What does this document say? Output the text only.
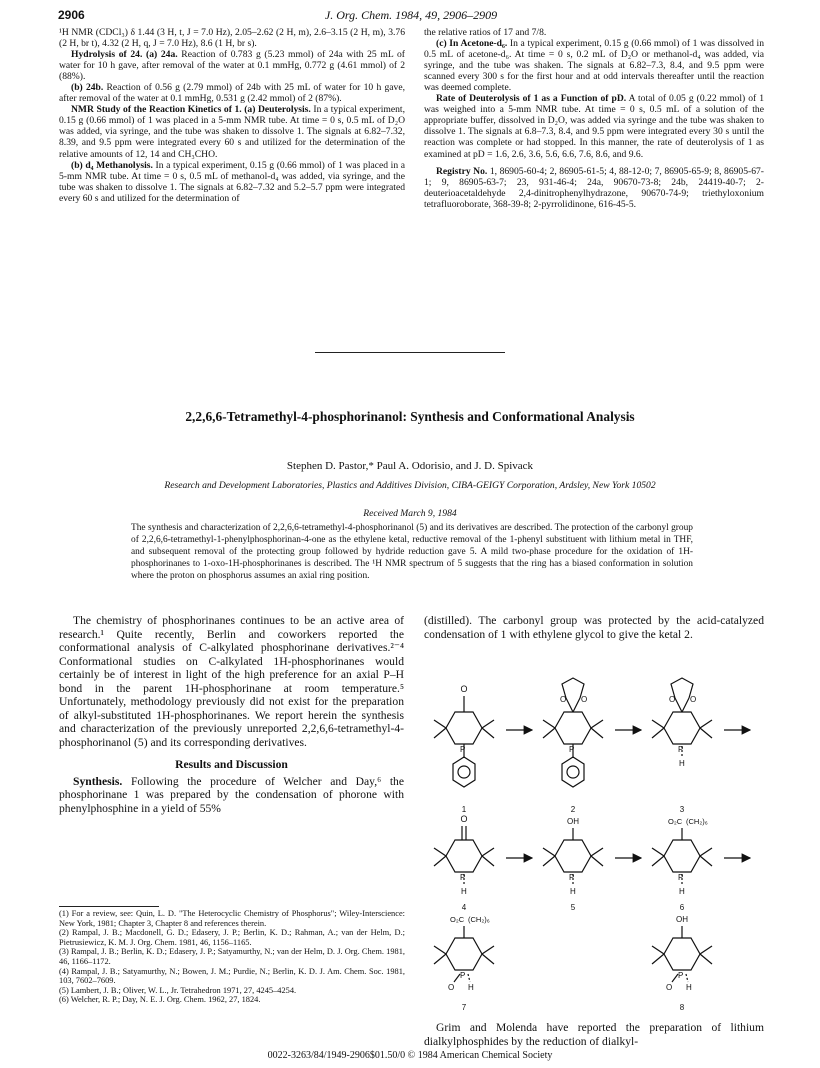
2906	J. Org. Chem. 1984, 49, 2906–2909

¹H NMR (CDCl₃) δ 1.44 (3 H, t, J = 7.0 Hz), 2.05–2.62 (2 H, m), 2.6–3.15 (2 H, m), 3.76 (2 H, br t), 4.32 (2 H, q, J = 7.0 Hz), 8.6 (1 H, br s).

Hydrolysis of 24. (a) 24a. Reaction of 0.783 g (5.23 mmol) of 24a with 25 mL of water for 10 h gave, after removal of the water at 0.1 mmHg, 0.772 g (4.61 mmol) of 2 (88%).

(b) 24b. Reaction of 0.56 g (2.79 mmol) of 24b with 25 mL of water for 10 h gave, after removal of the water at 0.1 mmHg, 0.531 g (2.42 mmol) of 2 (87%).

NMR Study of the Reaction Kinetics of 1. (a) Deuterolysis. In a typical experiment, 0.15 g (0.66 mmol) of 1 was placed in a 5-mm NMR tube. At time = 0 s, 0.5 mL of D₂O was added, via syringe, and the tube was shaken to dissolve 1. The signals at 6.82–7.32, 8.39, and 9.5 ppm were integrated every 60 s and utilized for the determination of the relative amounts of 12, 14 and CH₃CHO.

(b) d₄ Methanolysis. In a typical experiment, 0.15 g (0.66 mmol) of 1 was placed in a 5-mm NMR tube. At time = 0 s, 0.5 mL of methanol-d₄ was added, via syringe, and the tube was shaken to dissolve 1. The signals at 6.82–7.32 and 5.2–5.7 ppm were integrated every 60 s and utilized for the determination of

the relative ratios of 17 and 7/8.

(c) In Acetone-d₆. In a typical experiment, 0.15 g (0.66 mmol) of 1 was dissolved in 0.5 mL of acetone-d₆. At time = 0 s, 0.2 mL of D₂O or methanol-d₄ was added, via syringe, and the tube was shaken. The signals at 6.82–7.3, 8.4, and 9.5 ppm were scanned every 300 s for the first hour and at odd intervals thereafter until the reaction was deemed complete.

Rate of Deuterolysis of 1 as a Function of pD. A total of 0.05 g (0.22 mmol) of 1 was weighed into a 5-mm NMR tube. At time = 0 s, 0.5 mL of a solution of the appropriate buffer, dissolved in D₂O, was added via syringe and the tube was shaken to dissolve 1. The signals at 6.8–7.3, 8.4, and 9.5 ppm were integrated every 30 s until the reaction was complete or had stopped. In this manner, the rate of deuterolysis of 1 as examined at pD = 1.6, 2.6, 3.6, 5.6, 6.6, 7.6, 8.6, and 9.6.

Registry No. 1, 86905-60-4; 2, 86905-61-5; 4, 88-12-0; 7, 86905-65-9; 8, 86905-67-1; 9, 86905-63-7; 23, 931-46-4; 24a, 90670-73-8; 24b, 24419-40-7; 2-deuterioacetaldehyde 2,4-dinitrophenylhydrazone, 90670-74-9; triethyloxonium tetrafluoroborate, 368-39-8; 2-pyrrolidinone, 616-45-5.

2,2,6,6-Tetramethyl-4-phosphorinanol: Synthesis and Conformational Analysis
Stephen D. Pastor,* Paul A. Odorisio, and J. D. Spivack
Research and Development Laboratories, Plastics and Additives Division, CIBA-GEIGY Corporation, Ardsley, New York 10502
Received March 9, 1984
The synthesis and characterization of 2,2,6,6-tetramethyl-4-phosphorinanol (5) and its derivatives are described. The protection of the carbonyl group of 2,2,6,6-tetramethyl-1-phenylphosphorinan-4-one as the ethylene ketal, reductive removal of the 1-phenyl substituent with lithium metal in THF, and subsequent removal of the protecting group followed by hydride reduction gave 5. A mild two-phase procedure for the oxidation of 1H-phosphorinanes to 1-oxo-1H-phosphorinanes is described. The ¹H NMR spectrum of 5 suggests that the ring has a biased conformation in solution where the proton on phosphorus assumes an axial ring position.

The chemistry of phosphorinanes continues to be an active area of research.¹ Quite recently, Berlin and coworkers reported the conformational analysis of C-alkylated phosphorinane derivatives.²⁻⁴ Conformational studies on C-alkylated 1H-phosphorinanes would certainly be of interest in light of the high preference for an axial P–H bond in the parent 1H-phosphorinane at room temperature.⁵ Unfortunately, methodology previously did not exist for the preparation of alkyl-substituted 1H-phosphorinanes. We report herein the synthesis and characterization of the previously unreported 2,2,6,6-tetramethyl-4-phosphorinanol (5) and its corresponding derivatives.

Results and Discussion

Synthesis. Following the procedure of Welcher and Day,⁶ the phosphorinane 1 was prepared by the condensation of phorone with phenylphosphine in a yield of 55%

(1) For a review, see: Quin, L. D. "The Heterocyclic Chemistry of Phosphorus"; Wiley-Interscience: New York, 1981; Chapter 3, Chapter 8 and references therein.

(2) Rampal, J. B.; Macdonell, G. D.; Edasery, J. P.; Berlin, K. D.; Rahman, A.; van der Helm, D.; Pietrusiewicz, K. M. J. Org. Chem. 1981, 46, 1156–1165.

(3) Rampal, J. B.; Berlin, K. D.; Edasery, J. P.; Satyamurthy, N.; van der Helm, D. J. Org. Chem. 1981, 46, 1166–1172.

(4) Rampal, J. B.; Satyamurthy, N.; Bowen, J. M.; Purdie, N.; Berlin, K. D. J. Am. Chem. Soc. 1981, 103, 7602–7609.

(5) Lambert, J. B.; Oliver, W. L., Jr. Tetrahedron 1971, 27, 4245–4254.

(6) Welcher, R. P.; Day, N. E. J. Org. Chem. 1962, 27, 1824.

(distilled). The carbonyl group was protected by the acid-catalyzed condensation of 1 with ethylene glycol to give the ketal 2.

O
P
O O
P
O O
P
H
1	2	3
O
P
H
OH
P
H
O₂C (CH₂)₆
P
H
4	5	6
O₂C (CH₂)₆
P
O H
OH
P
O H
7	8

Grim and Molenda have reported the preparation of lithium dialkylphosphides by the reduction of dialkyl-

0022-3263/84/1949-2906$01.50/0 © 1984 American Chemical Society
